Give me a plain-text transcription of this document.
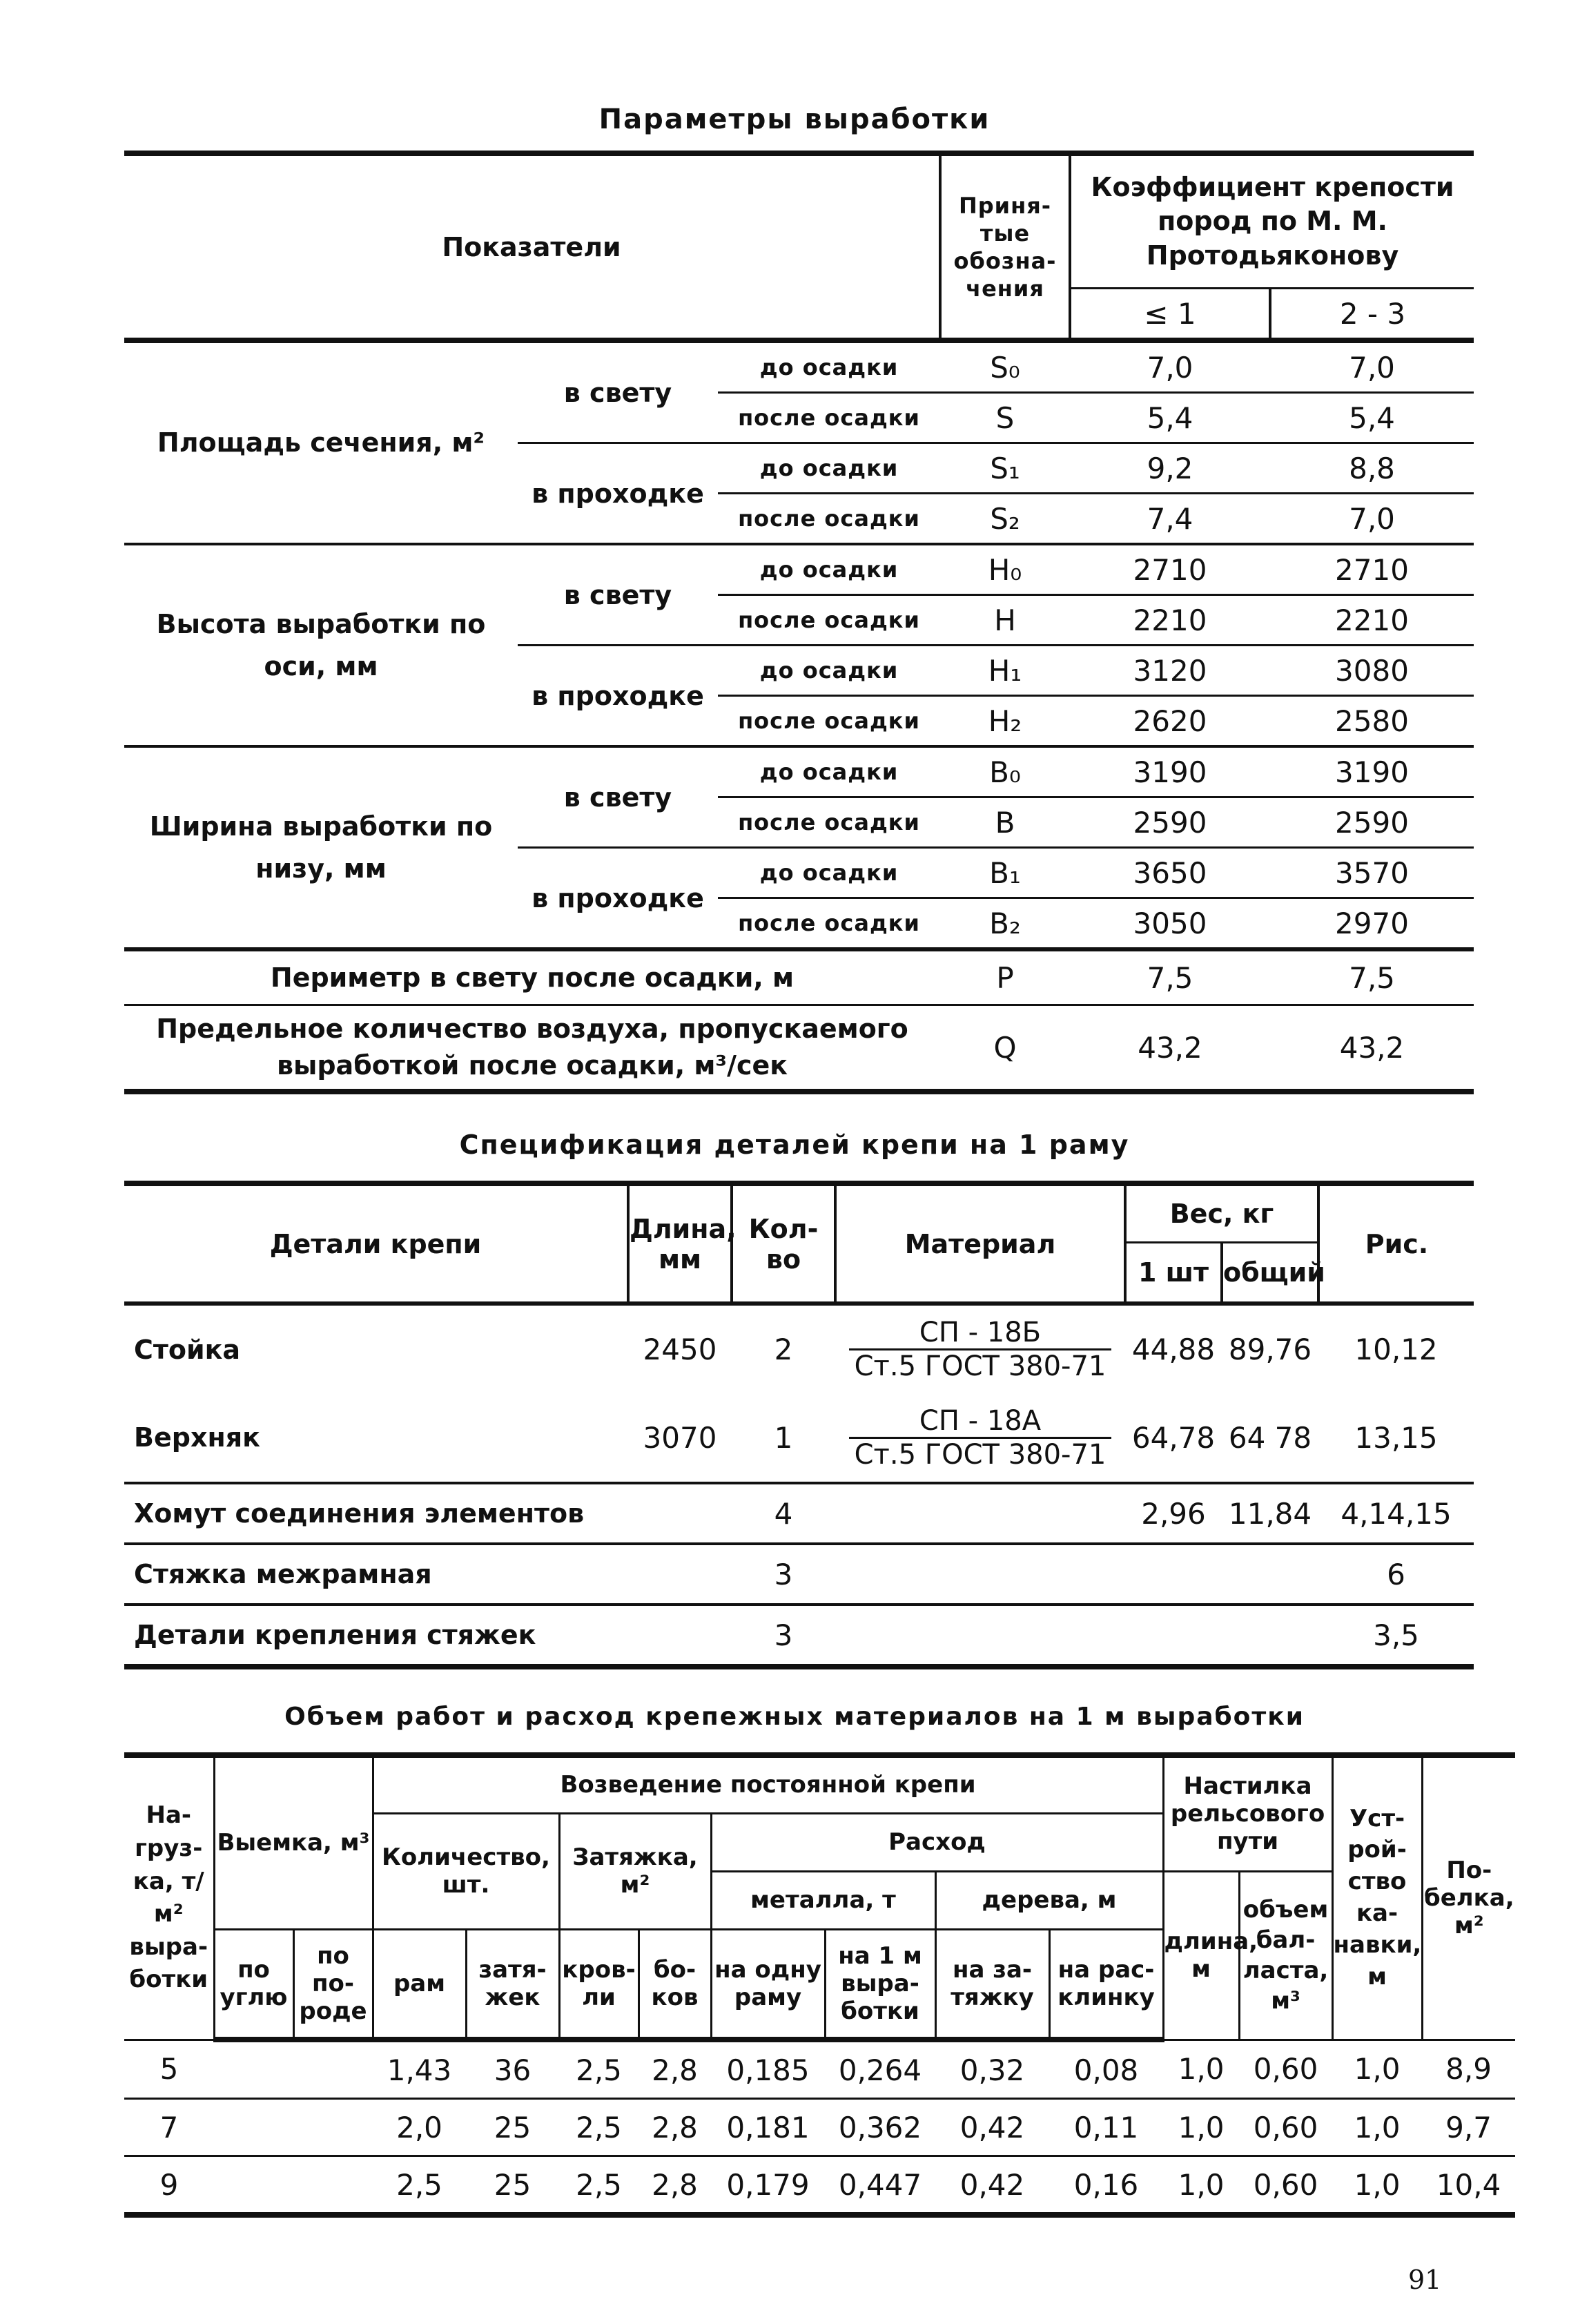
Параметры выработки
Показатели			Приня-тые обозна-чения	Коэффициент крепости пород по М. М. Протодьяконову	
				≤ 1	2 - 3
Площадь сечения, м²	в свету	до осадки	S₀	7,0	7,0
		после осадки	S	5,4	5,4
	в проходке	до осадки	S₁	9,2	8,8
		после осадки	S₂	7,4	7,0
Высота выработки по оси, мм	в свету	до осадки	H₀	2710	2710
		после осадки	H	2210	2210
	в проходке	до осадки	H₁	3120	3080
		после осадки	H₂	2620	2580
Ширина выработки по низу, мм	в свету	до осадки	B₀	3190	3190
		после осадки	B	2590	2590
	в проходке	до осадки	B₁	3650	3570
		после осадки	B₂	3050	2970
Периметр в свету после осадки, м			P	7,5	7,5

Предельное количество воздуха, пропускаемого
выработкой после осадки, м³/сек			Q	43,2	43,2
Спецификация деталей крепи на 1 раму
Детали крепи	Длина, мм	Кол-во	Материал	Вес, кг		Рис.
				1 шт	общий	
Стойка	2450	2	$\frac{СП - 18Б}{\text{Ст.5 ГОСТ 380-71}}$	44,88	89,76	10,12
Верхняк	3070	1	$\frac{СП - 18А}{\text{Ст.5 ГОСТ 380-71}}$	64,78	64 78	13,15
Хомут соединения элементов		4		2,96	11,84	4,14,15
Стяжка межрамная		3				6
Детали крепления стяжек		3				3,5
Объем работ и расход крепежных материалов на 1 м выработки
На-груз-ка, т/м² выра-ботки	Выемка, м³		Возведение постоянной крепи								Настилка рельсового пути		Уст-рой-ство ка-навки, м	По-белка, м²
			Количество, шт.		Затяжка, м²		Расход							
							металла, т		дерева, м		длина, м	объем бал-ласта, м³		
	по углю	по по-роде	рам	затя-жек	кров-ли	бо-ков	на одну раму	на 1 м выра-ботки	на за-тяжку	на рас-клинку				
5			1,43	36	2,5	2,8	0,185	0,264	0,32	0,08	1,0	0,60	1,0	8,9
7			2,0	25	2,5	2,8	0,181	0,362	0,42	0,11	1,0	0,60	1,0	9,7
9			2,5	25	2,5	2,8	0,179	0,447	0,42	0,16	1,0	0,60	1,0	10,4
91
